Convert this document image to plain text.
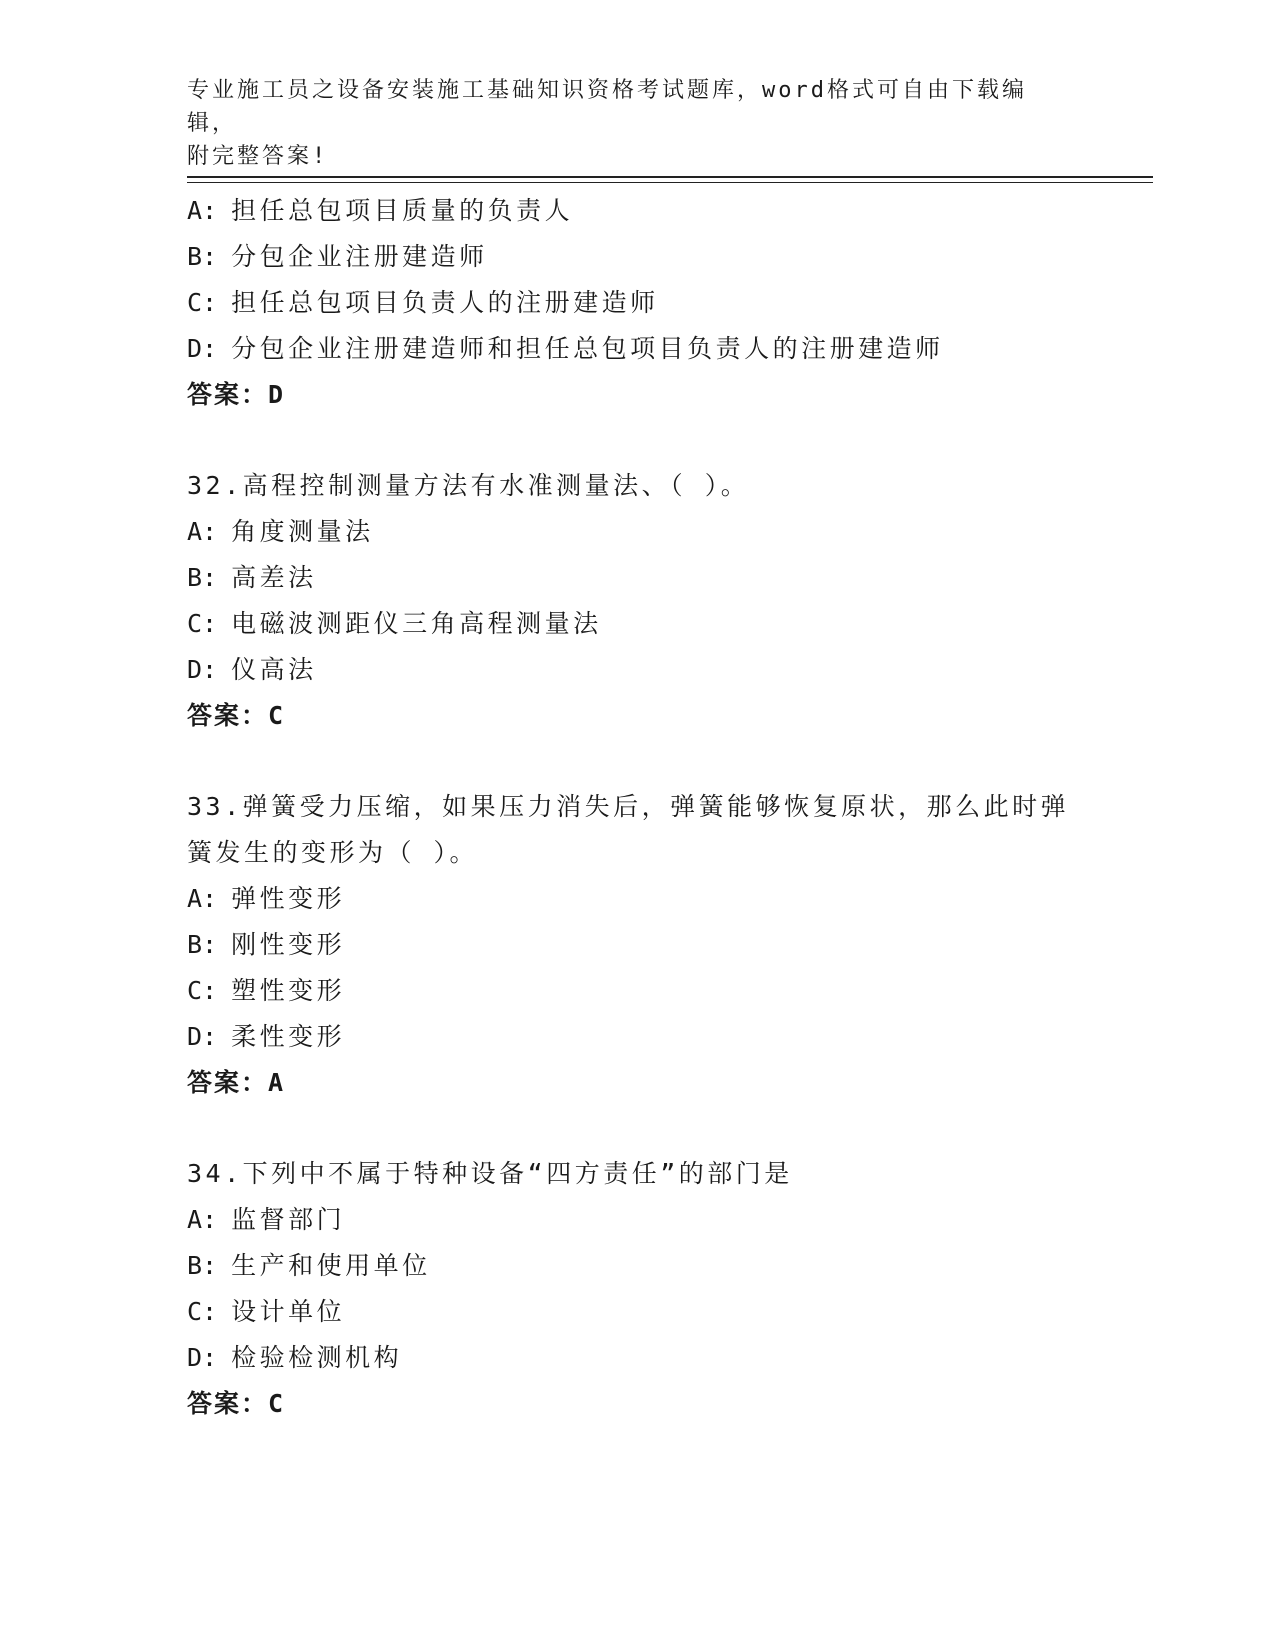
专业施工员之设备安装施工基础知识资格考试题库，word格式可自由下载编辑，
附完整答案!
A: 担任总包项目质量的负责人
B: 分包企业注册建造师
C: 担任总包项目负责人的注册建造师
D: 分包企业注册建造师和担任总包项目负责人的注册建造师
答案：D
32.高程控制测量方法有水准测量法、（ ）。
A: 角度测量法
B: 高差法
C: 电磁波测距仪三角高程测量法
D: 仪高法
答案：C
33.弹簧受力压缩，如果压力消失后，弹簧能够恢复原状，那么此时弹
簧发生的变形为（ ）。
A: 弹性变形
B: 刚性变形
C: 塑性变形
D: 柔性变形
答案：A
34.下列中不属于特种设备“四方责任”的部门是
A: 监督部门
B: 生产和使用单位
C: 设计单位
D: 检验检测机构
答案：C
